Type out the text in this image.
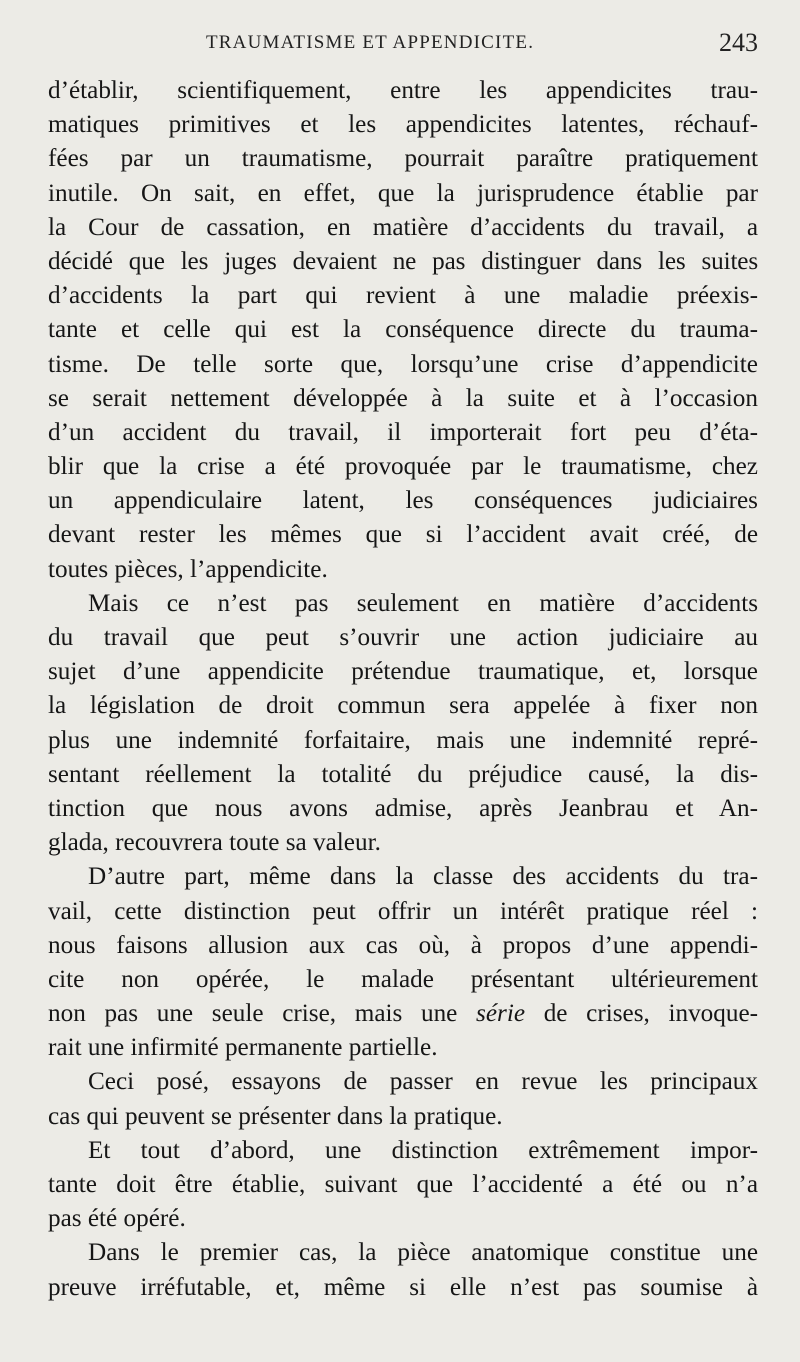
TRAUMATISME ET APPENDICITE.	243
d’établir, scientifiquement, entre les appendicites trau-
matiques primitives et les appendicites latentes, réchauf-
fées par un traumatisme, pourrait paraître pratiquement
inutile. On sait, en effet, que la jurisprudence établie par
la Cour de cassation, en matière d’accidents du travail, a
décidé que les juges devaient ne pas distinguer dans les suites
d’accidents la part qui revient à une maladie préexis-
tante et celle qui est la conséquence directe du trauma-
tisme. De telle sorte que, lorsqu’une crise d’appendicite
se serait nettement développée à la suite et à l’occasion
d’un accident du travail, il importerait fort peu d’éta-
blir que la crise a été provoquée par le traumatisme, chez
un appendiculaire latent, les conséquences judiciaires
devant rester les mêmes que si l’accident avait créé, de
toutes pièces, l’appendicite.
Mais ce n’est pas seulement en matière d’accidents
du travail que peut s’ouvrir une action judiciaire au
sujet d’une appendicite prétendue traumatique, et, lorsque
la législation de droit commun sera appelée à fixer non
plus une indemnité forfaitaire, mais une indemnité repré-
sentant réellement la totalité du préjudice causé, la dis-
tinction que nous avons admise, après Jeanbrau et An-
glada, recouvrera toute sa valeur.
D’autre part, même dans la classe des accidents du tra-
vail, cette distinction peut offrir un intérêt pratique réel :
nous faisons allusion aux cas où, à propos d’une appendi-
cite non opérée, le malade présentant ultérieurement
non pas une seule crise, mais une série de crises, invoque-
rait une infirmité permanente partielle.
Ceci posé, essayons de passer en revue les principaux
cas qui peuvent se présenter dans la pratique.
Et tout d’abord, une distinction extrêmement impor-
tante doit être établie, suivant que l’accidenté a été ou n’a
pas été opéré.
Dans le premier cas, la pièce anatomique constitue une
preuve irréfutable, et, même si elle n’est pas soumise à
